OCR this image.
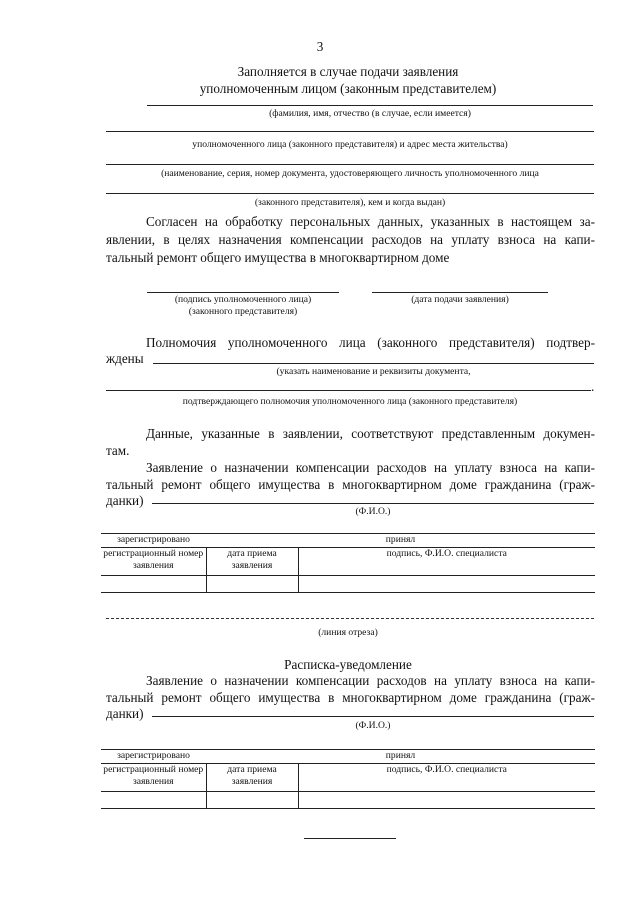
3
Заполняется в случае подачи заявления
уполномоченным лицом (законным представителем)
(фамилия, имя, отчество (в случае, если имеется)
уполномоченного лица (законного представителя) и адрес места жительства)
(наименование, серия, номер документа, удостоверяющего личность уполномоченного лица
(законного представителя), кем и когда выдан)
Согласен на обработку персональных данных, указанных в настоящем за-
явлении, в целях назначения компенсации расходов на уплату взноса на капи-
тальный ремонт общего имущества в многоквартирном доме
(подпись уполномоченного лица)
(законного представителя)
(дата подачи заявления)
Полномочия уполномоченного лица (законного представителя) подтвер-
ждены
(указать наименование и реквизиты документа,
.
подтверждающего полномочия уполномоченного лица (законного представителя)
Данные, указанные в заявлении, соответствуют представленным докумен-
там.
Заявление о назначении компенсации расходов на уплату взноса на капи-
тальный ремонт общего имущества в многоквартирном доме гражданина (граж-
данки)
(Ф.И.О.)
зарегистрировано	принял	
регистрационный номер заявления	дата приема заявления	подпись, Ф.И.О. специалиста

(линия отреза)
Расписка-уведомление
Заявление о назначении компенсации расходов на уплату взноса на капи-
тальный ремонт общего имущества в многоквартирном доме гражданина (граж-
данки)
(Ф.И.О.)
зарегистрировано	принял	
регистрационный номер заявления	дата приема заявления	подпись, Ф.И.О. специалиста
